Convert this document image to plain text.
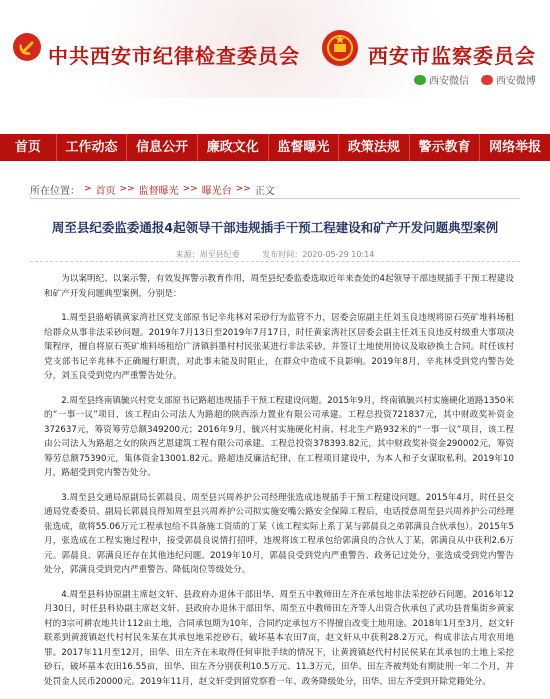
中共西安市纪律检查委员会	西安市监察委员会
西安微信	西安微博
首页	工作动态	信息公开	廉政文化	监督曝光	政策法规	警示教育	网络举报
所在位置： > 首页 >> 监督曝光 >> 曝光台 >> 正文
周至县纪委监委通报4起领导干部违规插手干预工程建设和矿产开发问题典型案例
来源：周至县纪委	发布时间：2020-05-29 10:14

为以案明纪、以案示警，有效发挥警示教育作用，周至县纪委监委选取近年来查处的4起领导干部违规插手干预工程建设和矿产开发问题典型案例，分别是：

1.周至县骆峪镇黄家湾社区党支部原书记辛兆林对采砂行为监管不力，居委会原副主任刘玉良违规将原石英矿堆料场租给群众从事非法采砂问题。2019年7月13日至2019年7月17日，时任黄家湾社区居委会副主任刘玉良违反村级重大事项决策程序，擅自将原石英矿堆料场租给广济镇斜墨村村民张某进行非法采砂，并签订土地使用协议及取砂换土合同。时任该村党支部书记辛兆林不正确履行职责，对此事未能及时阻止，在群众中造成不良影响。2019年8月，辛兆林受到党内警告处分，刘玉良受到党内严重警告处分。

2.周至县终南镇毓兴村党支部原书记路超违规插手干预工程建设问题。2015年9月，终南镇毓兴村实施硬化道路1350米的“一事一议”项目，该工程由公司法人为路超的陕西添力置业有限公司承建。工程总投资721837元，其中财政奖补资金372637元，筹资筹劳总额349200元；2016年9月，毓兴村实施硬化村南、村北生产路932米的“一事一议”项目，该工程由公司法人为路超之女的陕西艺恩建筑工程有限公司承建。工程总投资378393.82元，其中财政奖补资金290002元，筹资筹劳总额75390元，集体资金13001.82元。路超违反廉洁纪律，在工程项目建设中，为本人和子女谋取私利。2019年10月，路超受到党内警告处分。

3.周至县交通局原副局长郭晨良、周至县兴周养护公司经理张选成违规插手干预工程建设问题。2015年4月，时任县交通局党委委员、副局长郭晨良得知周至县兴周养护公司拟实施安嘴公路安全保障工程后，电话授意周至县兴周养护公司经理张选成，欲将55.06万元工程承包给不具备施工资质的丁某（该工程实际上系丁某与郭晨良之弟郭满良合伙承包）。2015年5月，张选成在工程实施过程中，接受郭晨良说情打招呼，违规将该工程承包给郭满良的合伙人丁某，郭满良从中获利2.6万元。郭晨良、郭满良还存在其他违纪问题。2019年10月，郭晨良受到党内严重警告、政务记过处分，张选成受到党内警告处分，郭满良受到党内严重警告、降低岗位等级处分。

4.周至县科协原副主席赵文轩、县政府办退休干部田华、周至五中教师田左齐在承包地非法采挖砂石问题。2016年12月30日，时任县科协副主席赵文轩、县政府办退休干部田华、周至五中教师田左齐等人出资合伙承包了武功县普集街乡黄家村的3宗可耕农地共计112亩土地，合同承包期为10年，合同约定承包方不得擅自改变土地用途。2018年1月至3月，赵文轩联系到黄渡镇赵代村村民朱某在其承包地采挖砂石，破坏基本农田7亩，赵文轩从中获利28.2万元，构成非法占用农用地罪。2017年11月至12月，田华、田左齐在未取得任何审批手续的情况下，让黄渡镇赵代村村民侯某在其承包的土地上采挖砂石，破坏基本农田16.55亩，田华、田左齐分别获利10.5万元、11.3万元，田华、田左齐被判处有期徒刑一年二个月，并处罚金人民币20000元。2019年11月，赵文轩受到留党察看一年、政务降级处分，田华、田左齐受到开除党籍处分。
